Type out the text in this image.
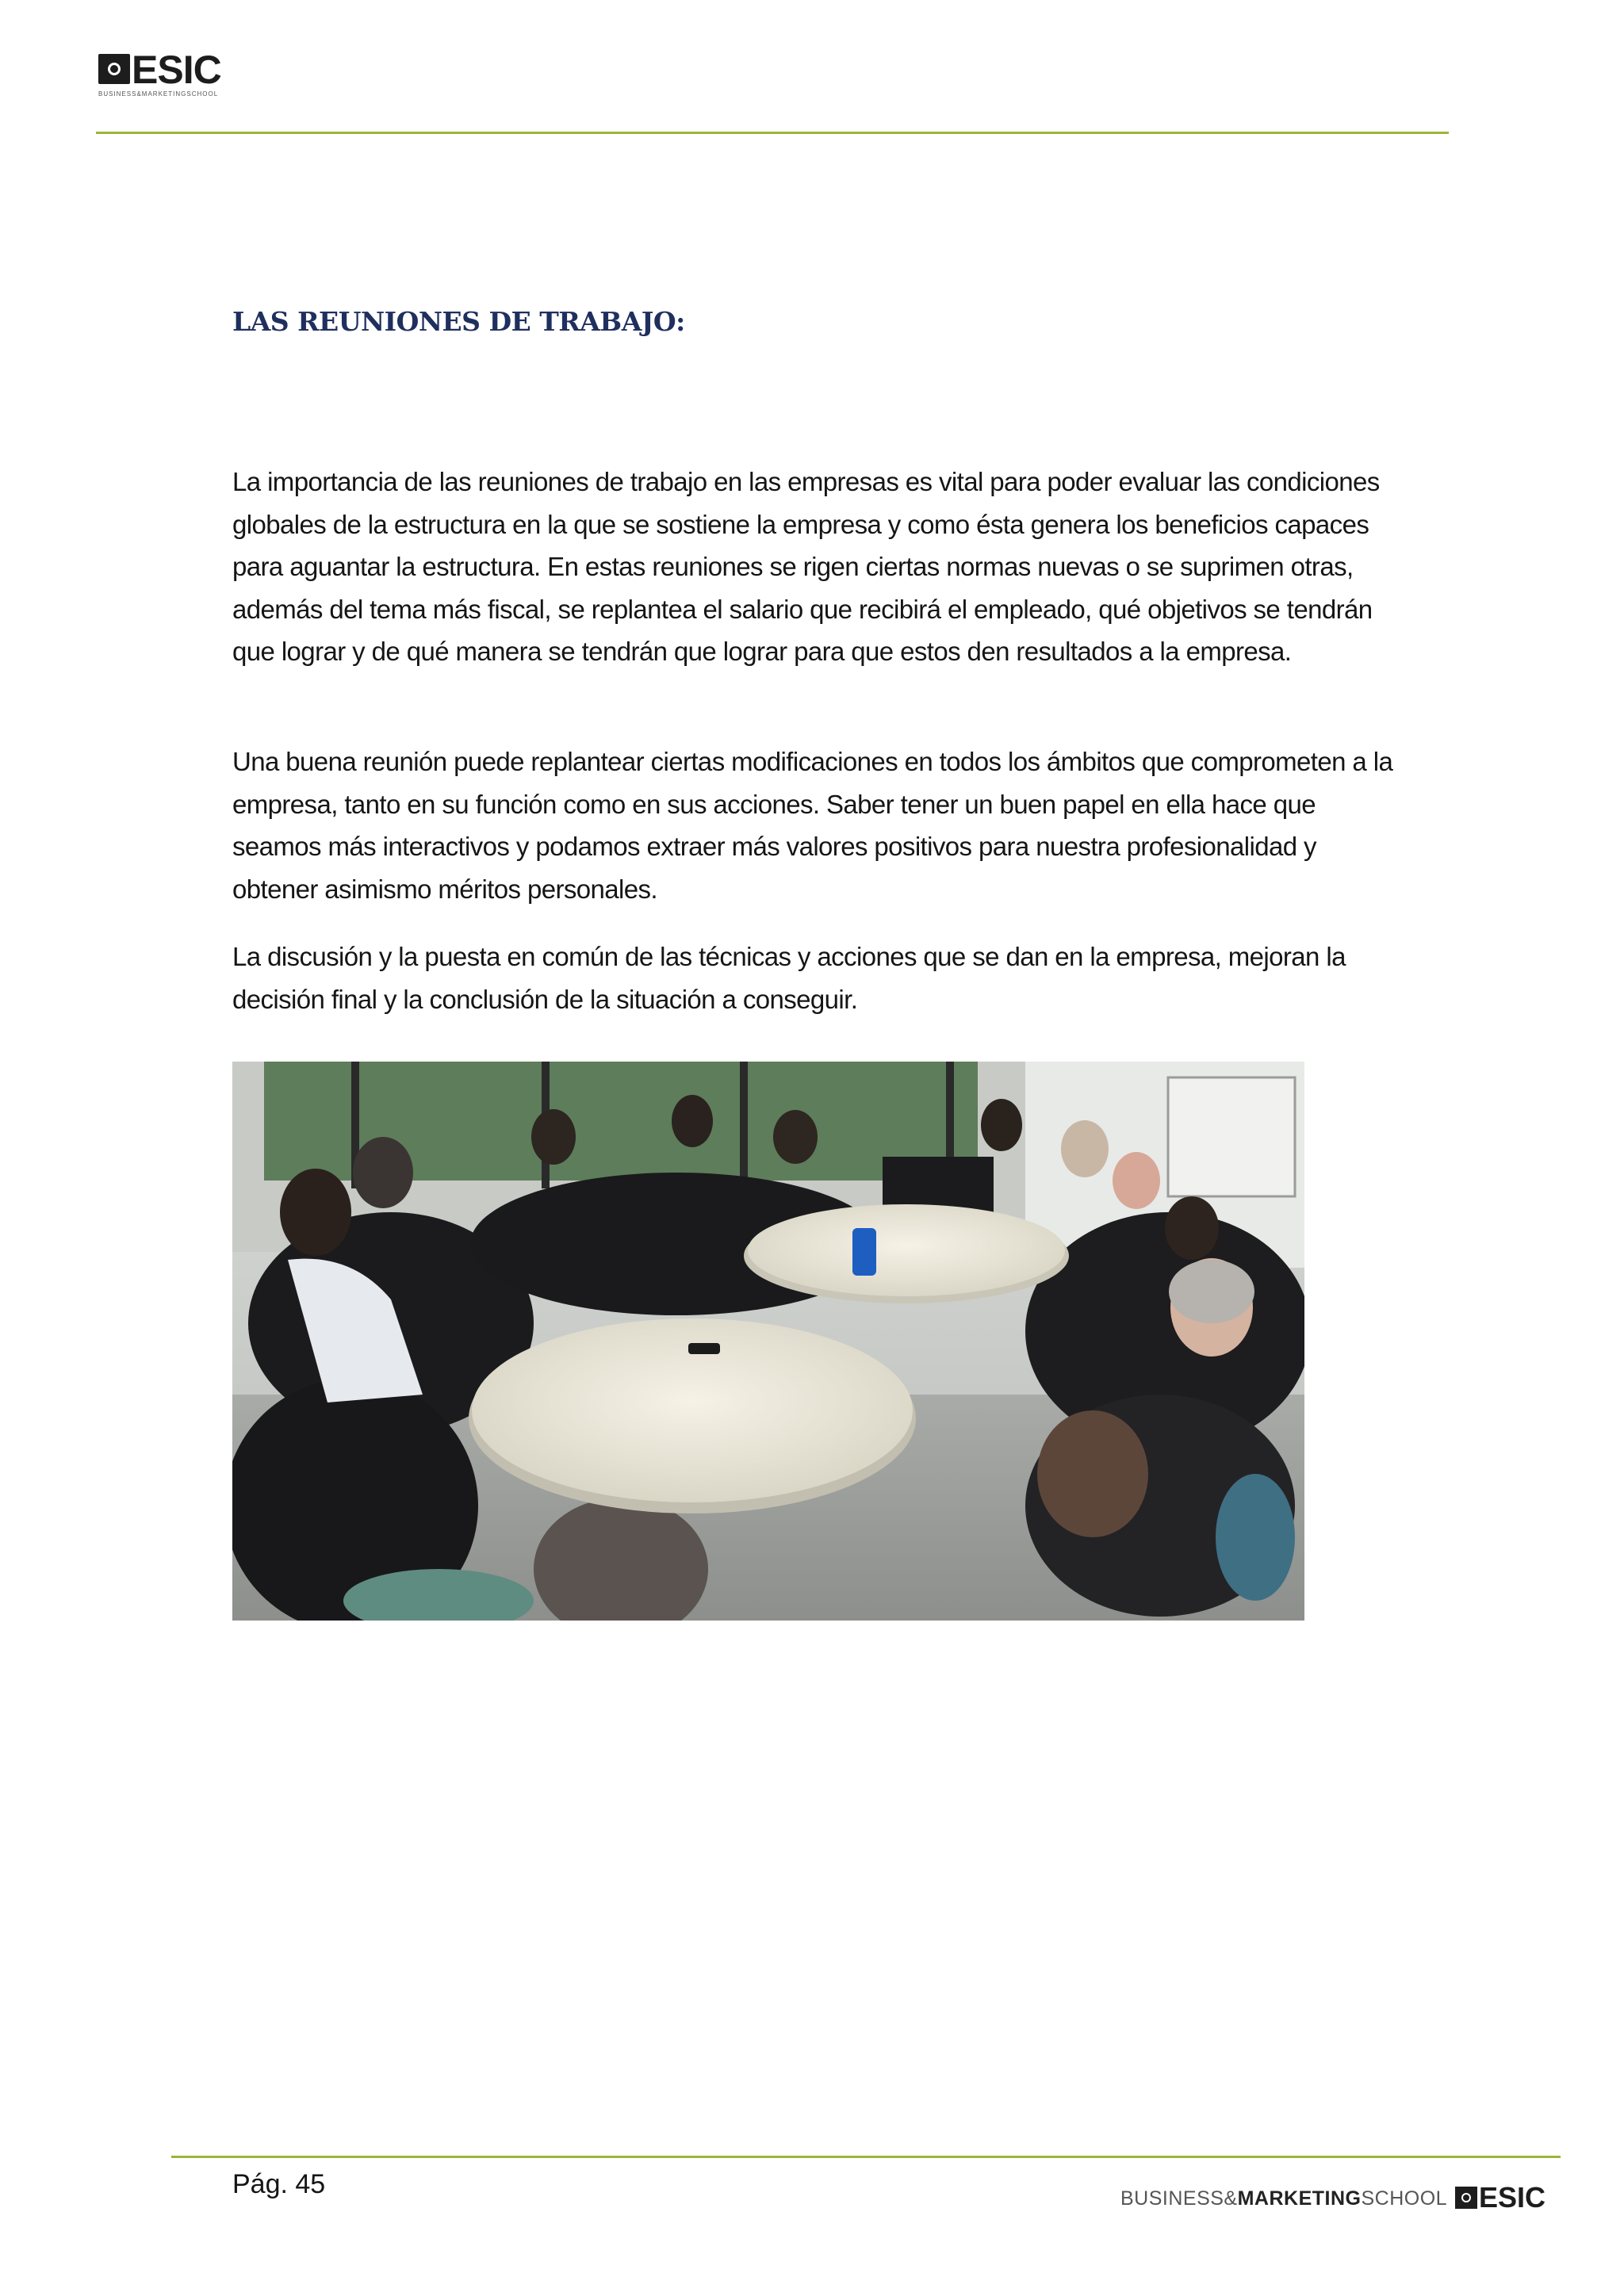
ESIC
BUSINESS&MARKETINGSCHOOL
LAS REUNIONES DE TRABAJO:

La importancia de las reuniones de trabajo en las empresas es vital para poder evaluar las condiciones globales de la estructura en la que se sostiene la empresa y como ésta genera los beneficios capaces para aguantar la estructura. En estas reuniones se rigen ciertas normas nuevas o se suprimen otras, además del tema más fiscal, se replantea el salario que recibirá el empleado, qué objetivos se tendrán que lograr y de qué manera se tendrán que lograr para que estos den resultados a la empresa.

Una buena reunión puede replantear ciertas modificaciones en todos los ámbitos que comprometen a la empresa, tanto en su función como en sus acciones. Saber tener un buen papel en ella hace que seamos más interactivos y podamos extraer más valores positivos para nuestra profesionalidad y obtener asimismo méritos personales.

La discusión y la puesta en común de las técnicas y acciones que se dan en la empresa, mejoran la decisión final y la conclusión de la situación a conseguir.

Pág. 45	BUSINESS&MARKETINGSCHOOL ESIC
